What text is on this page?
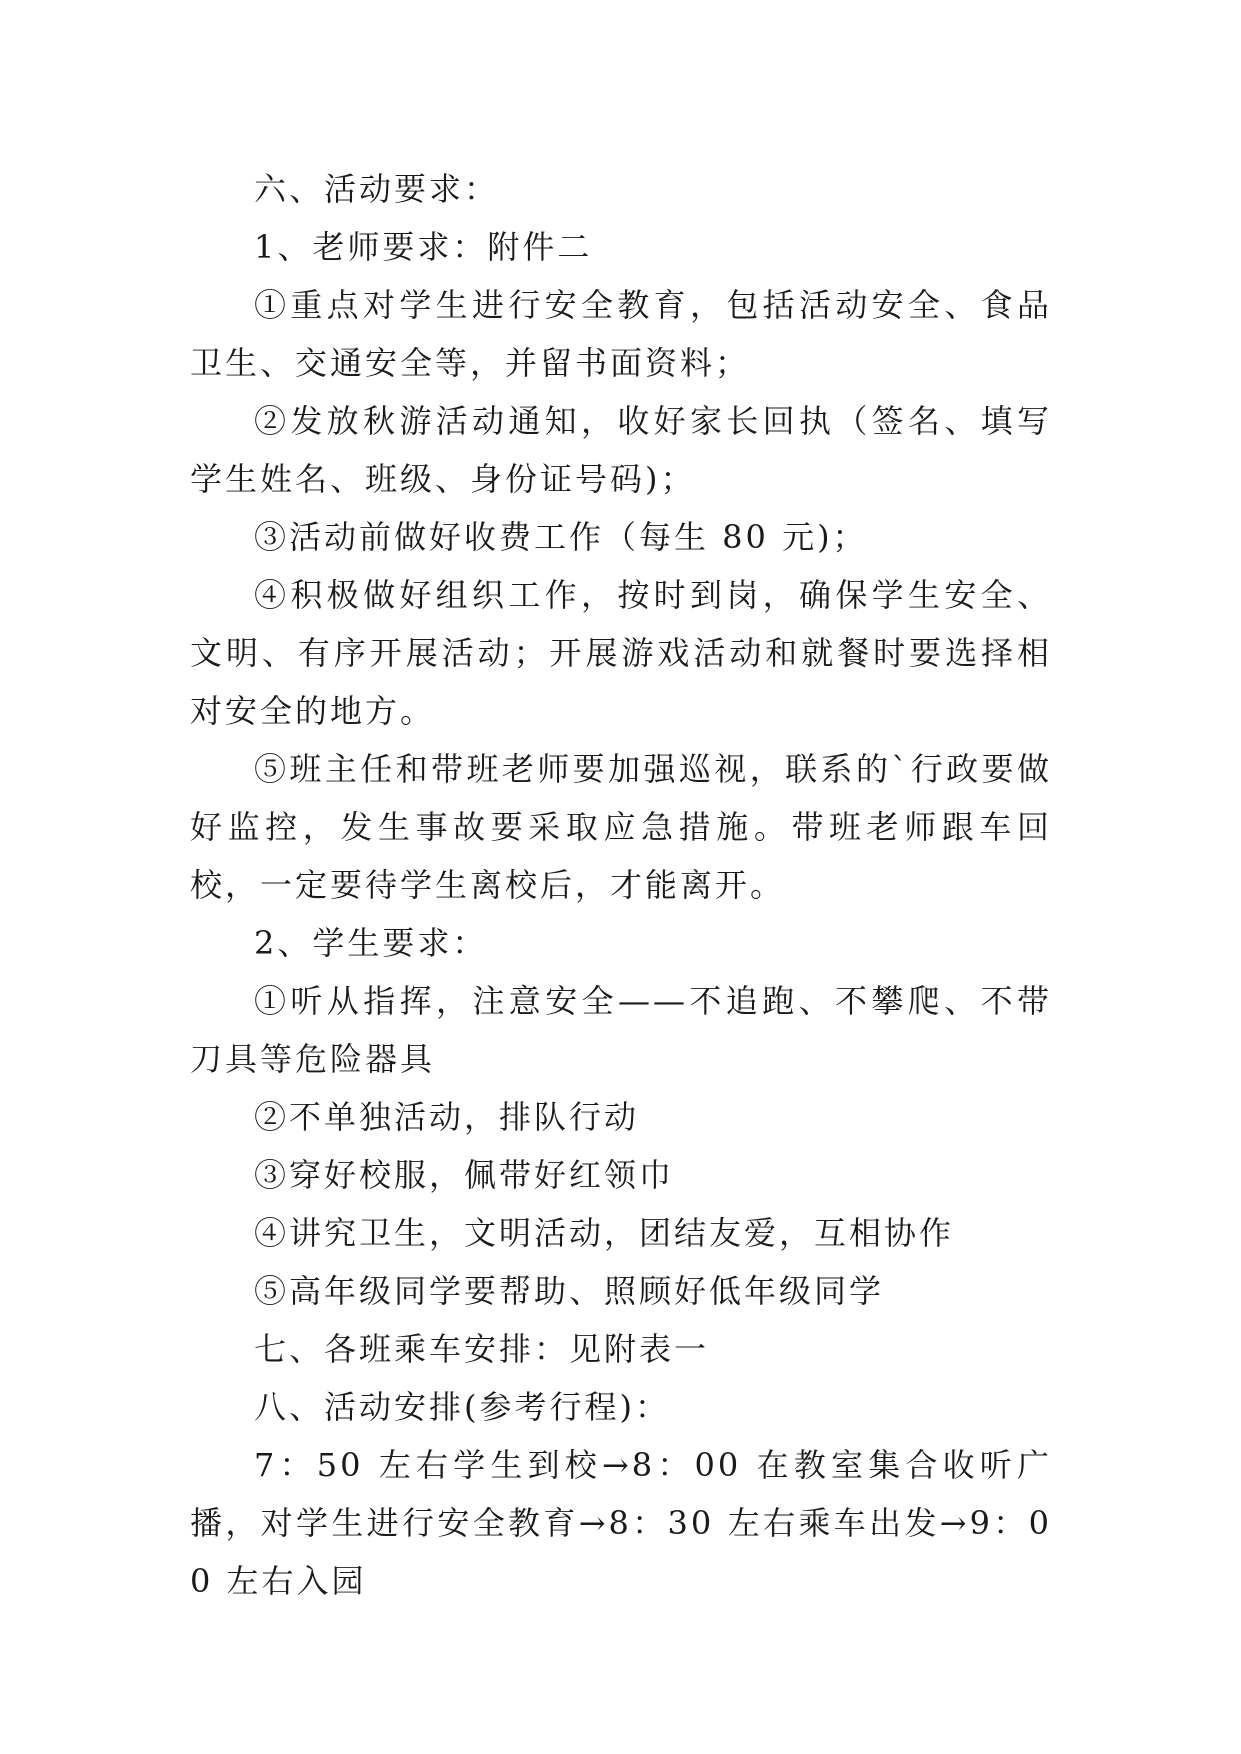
六、活动要求：

1、老师要求：附件二

①重点对学生进行安全教育，包括活动安全、食品卫生、交通安全等，并留书面资料；

②发放秋游活动通知，收好家长回执（签名、填写学生姓名、班级、身份证号码)；

③活动前做好收费工作（每生 80 元)；

④积极做好组织工作，按时到岗，确保学生安全、文明、有序开展活动；开展游戏活动和就餐时要选择相对安全的地方。

⑤班主任和带班老师要加强巡视，联系的`行政要做好监控，发生事故要采取应急措施。带班老师跟车回校，一定要待学生离校后，才能离开。

2、学生要求：

①听从指挥，注意安全——不追跑、不攀爬、不带刀具等危险器具

②不单独活动，排队行动

③穿好校服，佩带好红领巾

④讲究卫生，文明活动，团结友爱，互相协作

⑤高年级同学要帮助、照顾好低年级同学

七、各班乘车安排：见附表一

八、活动安排(参考行程)：

7：50 左右学生到校→8：00 在教室集合收听广播，对学生进行安全教育→8：30 左右乘车出发→9：00 左右入园
